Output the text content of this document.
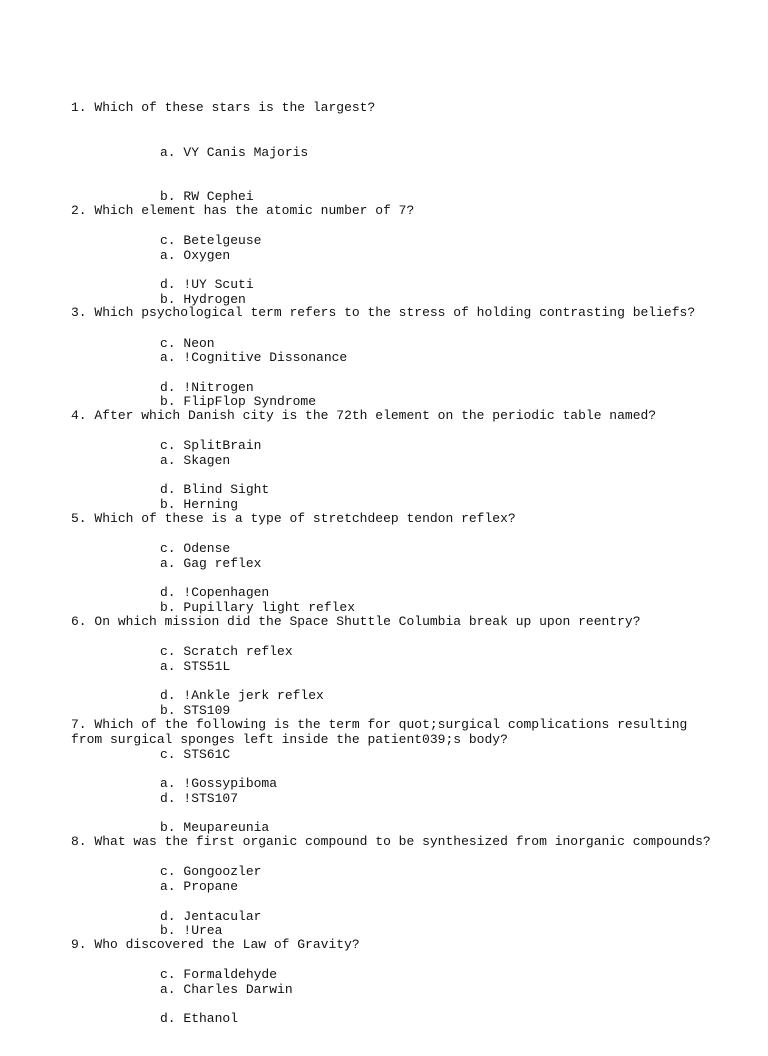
1. Which of these stars is the largest?

a. VY Canis Majoris

b. RW Cephei

c. Betelgeuse

d. !UY Scuti

2. Which element has the atomic number of 7?

a. Oxygen

b. Hydrogen

c. Neon

d. !Nitrogen

3. Which psychological term refers to the stress of holding contrasting beliefs?

a. !Cognitive Dissonance

b. FlipFlop Syndrome

c. SplitBrain

d. Blind Sight

4. After which Danish city is the 72th element on the periodic table named?

a. Skagen

b. Herning

c. Odense

d. !Copenhagen

5. Which of these is a type of stretchdeep tendon reflex?

a. Gag reflex

b. Pupillary light reflex

c. Scratch reflex

d. !Ankle jerk reflex

6. On which mission did the Space Shuttle Columbia break up upon reentry?

a. STS51L

b. STS109

c. STS61C

d. !STS107

7. Which of the following is the term for quot;surgical complications resulting from surgical sponges left inside the patient039;s body?

a. !Gossypiboma

b. Meupareunia

c. Gongoozler

d. Jentacular

8. What was the first organic compound to be synthesized from inorganic compounds?

a. Propane

b. !Urea

c. Formaldehyde

d. Ethanol

9. Who discovered the Law of Gravity?

a. Charles Darwin
